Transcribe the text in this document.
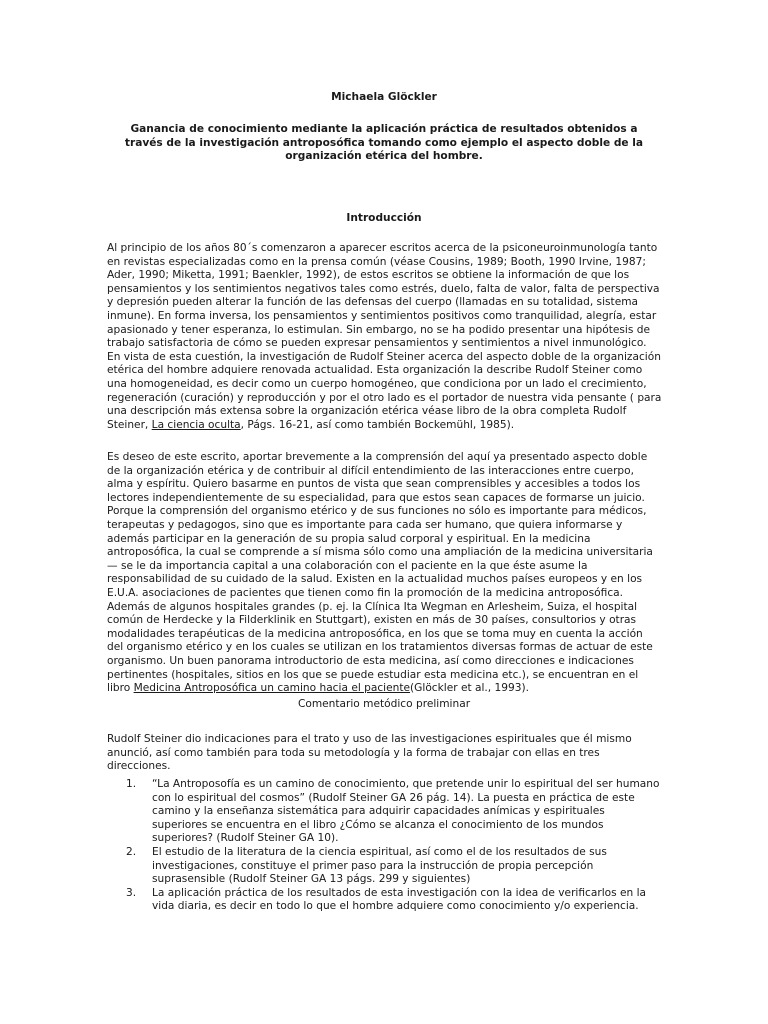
Michaela Glöckler
Ganancia de conocimiento mediante la aplicación práctica de resultados obtenidos a través de la investigación antroposófica tomando como ejemplo el aspecto doble de la organización etérica del hombre.
Introducción

Al principio de los años 80´s comenzaron a aparecer escritos acerca de la psiconeuroinmunología tanto en revistas especializadas como en la prensa común (véase Cousins, 1989; Booth, 1990 Irvine, 1987; Ader, 1990; Miketta, 1991; Baenkler, 1992), de estos escritos se obtiene la información de que los pensamientos y los sentimientos negativos tales como estrés, duelo, falta de valor, falta de perspectiva y depresión pueden alterar la función de las defensas del cuerpo (llamadas en su totalidad, sistema inmune). En forma inversa, los pensamientos y sentimientos positivos como tranquilidad, alegría, estar apasionado y tener esperanza, lo estimulan. Sin embargo, no se ha podido presentar una hipótesis de trabajo satisfactoria de cómo se pueden expresar pensamientos y sentimientos a nivel inmunológico. En vista de esta cuestión, la investigación de Rudolf Steiner acerca del aspecto doble de la organización etérica del hombre adquiere renovada actualidad. Esta organización la describe Rudolf Steiner como una homogeneidad, es decir como un cuerpo homogéneo, que condiciona por un lado el crecimiento, regeneración (curación) y reproducción y por el otro lado es el portador de nuestra vida pensante ( para una descripción más extensa sobre la organización etérica véase libro de la obra completa Rudolf Steiner, La ciencia oculta, Págs. 16-21, así como también Bockemühl, 1985).

Es deseo de este escrito, aportar brevemente a la comprensión del aquí ya presentado aspecto doble de la organización etérica y de contribuir al difícil entendimiento de las interacciones entre cuerpo, alma y espíritu. Quiero basarme en puntos de vista que sean comprensibles y accesibles a todos los lectores independientemente de su especialidad, para que estos sean capaces de formarse un juicio. Porque la comprensión del organismo etérico y de sus funciones no sólo es importante para médicos, terapeutas y pedagogos, sino que es importante para cada ser humano, que quiera informarse y además participar en la generación de su propia salud corporal y espiritual. En la medicina antroposófica, la cual se comprende a sí misma sólo como una ampliación de la medicina universitaria — se le da importancia capital a una colaboración con el paciente en la que éste asume la responsabilidad de su cuidado de la salud. Existen en la actualidad muchos países europeos y en los E.U.A. asociaciones de pacientes que tienen como fin la promoción de la medicina antroposófica. Además de algunos hospitales grandes (p. ej. la Clínica Ita Wegman en Arlesheim, Suiza, el hospital común de Herdecke y la Filderklinik en Stuttgart), existen en más de 30 países, consultorios y otras modalidades terapéuticas de la medicina antroposófica, en los que se toma muy en cuenta la acción del organismo etérico y en los cuales se utilizan en los tratamientos diversas formas de actuar de este organismo. Un buen panorama introductorio de esta medicina, así como direcciones e indicaciones pertinentes (hospitales, sitios en los que se puede estudiar esta medicina etc.), se encuentran en el libro Medicina Antroposófica un camino hacia el paciente(Glöckler et al., 1993).

Comentario metódico preliminar

Rudolf Steiner dio indicaciones para el trato y uso de las investigaciones espirituales que él mismo anunció, así como también para toda su metodología y la forma de trabajar con ellas en tres direcciones.

1. “La Antroposofía es un camino de conocimiento, que pretende unir lo espiritual del ser humano con lo espiritual del cosmos” (Rudolf Steiner GA 26 pág. 14). La puesta en práctica de este camino y la enseñanza sistemática para adquirir capacidades anímicas y espirituales superiores se encuentra en el libro ¿Cómo se alcanza el conocimiento de los mundos superiores? (Rudolf Steiner GA 10).
2. El estudio de la literatura de la ciencia espiritual, así como el de los resultados de sus investigaciones, constituye el primer paso para la instrucción de propia percepción suprasensible (Rudolf Steiner GA 13 págs. 299 y siguientes)
3. La aplicación práctica de los resultados de esta investigación con la idea de verificarlos en la vida diaria, es decir en todo lo que el hombre adquiere como conocimiento y/o experiencia.
